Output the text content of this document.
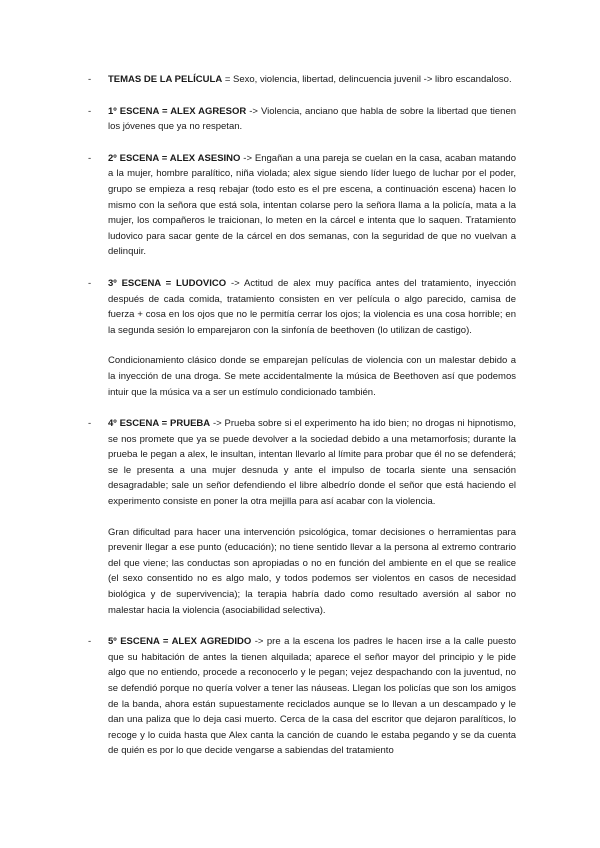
- TEMAS DE LA PELÍCULA = Sexo, violencia, libertad, delincuencia juvenil -> libro escandaloso.

- 1º ESCENA = ALEX AGRESOR -> Violencia, anciano que habla de sobre la libertad que tienen los jóvenes que ya no respetan.

- 2º ESCENA = ALEX ASESINO -> Engañan a una pareja se cuelan en la casa, acaban matando a la mujer, hombre paralítico, niña violada; alex sigue siendo líder luego de luchar por el poder, grupo se empieza a resq rebajar (todo esto es el pre escena, a continuación escena) hacen lo mismo con la señora que está sola, intentan colarse pero la señora llama a la policía, mata a la mujer, los compañeros le traicionan, lo meten en la cárcel e intenta que lo saquen. Tratamiento ludovico para sacar gente de la cárcel en dos semanas, con la seguridad de que no vuelvan a delinquir.

- 3º ESCENA = LUDOVICO -> Actitud de alex muy pacífica antes del tratamiento, inyección después de cada comida, tratamiento consisten en ver película o algo parecido, camisa de fuerza + cosa en los ojos que no le permitía cerrar los ojos; la violencia es una cosa horrible; en la segunda sesión lo emparejaron con la sinfonía de beethoven (lo utilizan de castigo).

Condicionamiento clásico donde se emparejan películas de violencia con un malestar debido a la inyección de una droga. Se mete accidentalmente la música de Beethoven así que podemos intuir que la música va a ser un estímulo condicionado también.

- 4º ESCENA = PRUEBA -> Prueba sobre si el experimento ha ido bien; no drogas ni hipnotismo, se nos promete que ya se puede devolver a la sociedad debido a una metamorfosis; durante la prueba le pegan a alex, le insultan, intentan llevarlo al límite para probar que él no se defenderá; se le presenta a una mujer desnuda y ante el impulso de tocarla siente una sensación desagradable; sale un señor defendiendo el libre albedrío donde el señor que está haciendo el experimento consiste en poner la otra mejilla para así acabar con la violencia.

Gran dificultad para hacer una intervención psicológica, tomar decisiones o herramientas para prevenir llegar a ese punto (educación); no tiene sentido llevar a la persona al extremo contrario del que viene; las conductas son apropiadas o no en función del ambiente en el que se realice (el sexo consentido no es algo malo, y todos podemos ser violentos en casos de necesidad biológica y de supervivencia); la terapia habría dado como resultado aversión al sabor no malestar hacia la violencia (asociabilidad selectiva).

- 5º ESCENA = ALEX AGREDIDO -> pre a la escena los padres le hacen irse a la calle puesto que su habitación de antes la tienen alquilada; aparece el señor mayor del principio y le pide algo que no entiendo, procede a reconocerlo y le pegan; vejez despachando con la juventud, no se defendió porque no quería volver a tener las náuseas. Llegan los policías que son los amigos de la banda, ahora están supuestamente reciclados aunque se lo llevan a un descampado y le dan una paliza que lo deja casi muerto. Cerca de la casa del escritor que dejaron paralíticos, lo recoge y lo cuida hasta que Alex canta la canción de cuando le estaba pegando y se da cuenta de quién es por lo que decide vengarse a sabiendas del tratamiento
